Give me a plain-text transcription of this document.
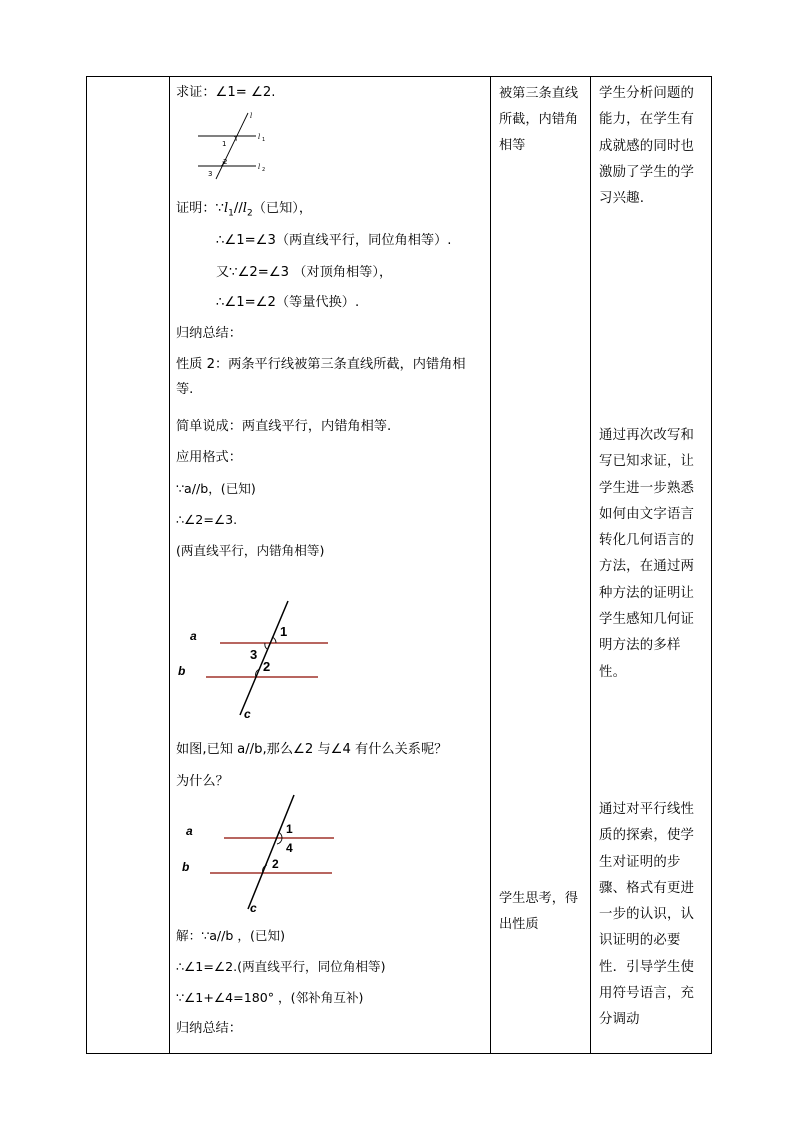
求证：∠1= ∠2.
l
l 1
l 2
1
2
3
证明：$\because l_1//l_2$（已知），
∴∠1=∠3（两直线平行，同位角相等）.
又∵∠2=∠3 （对顶角相等），
∴∠1=∠2（等量代换）.
归纳总结：
性质 2：两条平行线被第三条直线所截，内错角相
等.
简单说成：两直线平行，内错角相等.
应用格式：
∵a//b，(已知)
∴∠2=∠3.
(两直线平行，内错角相等)
a
b
c
1
3
2
如图,已知 a//b,那么∠2 与∠4 有什么关系呢？
为什么？
a
b
c
1
4
2
解：∵a//b ，(已知)
∴∠1=∠2.(两直线平行，同位角相等)
∵∠1+∠4=180° ，(邻补角互补)
归纳总结：

被第三条直线所截，内错角相等
学生思考，得出性质

学生分析问题的能力，在学生有成就感的同时也激励了学生的学习兴趣.
通过再次改写和写已知求证，让学生进一步熟悉如何由文字语言转化几何语言的方法，在通过两种方法的证明让学生感知几何证明方法的多样性。
通过对平行线性质的探索，使学生对证明的步骤、格式有更进一步的认识，认识证明的必要性．引导学生使用符号语言，充分调动
